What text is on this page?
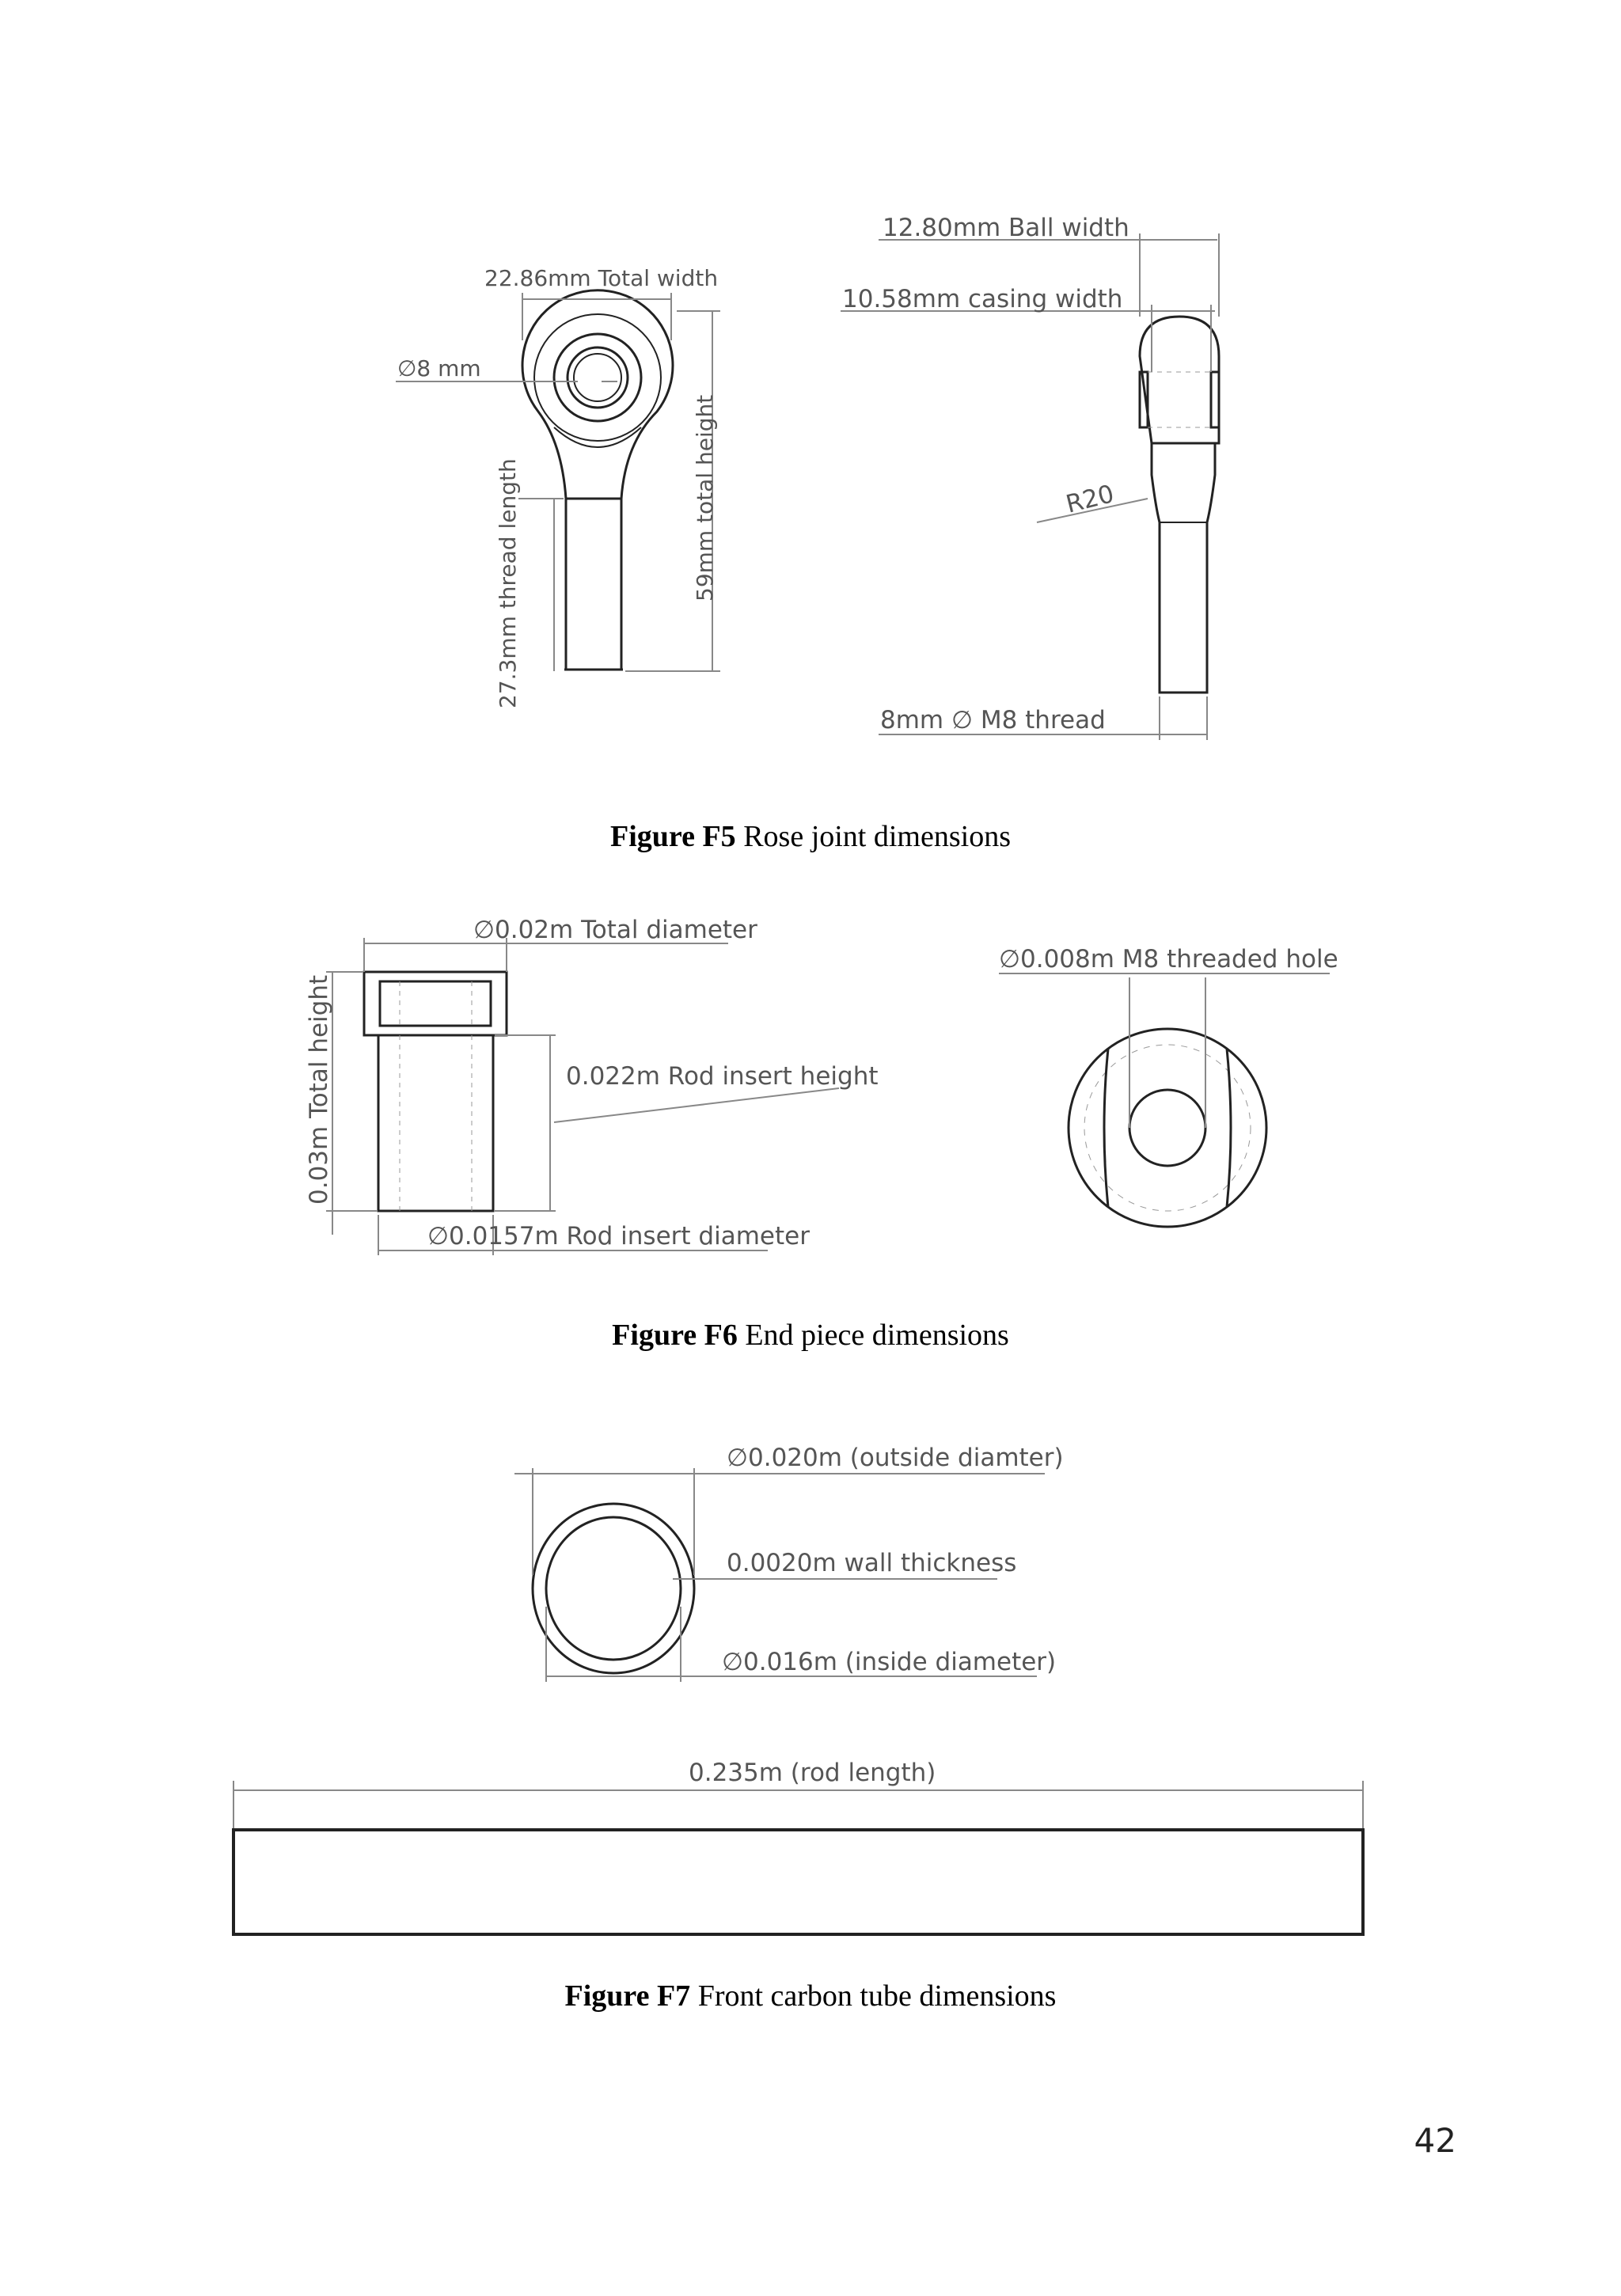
22.86mm Total width
∅8 mm
27.3mm thread length	59mm total height
12.80mm Ball width
10.58mm casing width
R20
8mm ∅ M8 thread
∅0.02m Total diameter
0.03m Total height	0.022m Rod insert height
∅0.0157m Rod insert diameter
∅0.008m M8 threaded hole
∅0.020m (outside diamter)
0.0020m wall thickness
∅0.016m (inside diameter)
0.235m (rod length)
Figure F5 Rose joint dimensions
Figure F6 End piece dimensions
Figure F7 Front carbon tube dimensions
42
